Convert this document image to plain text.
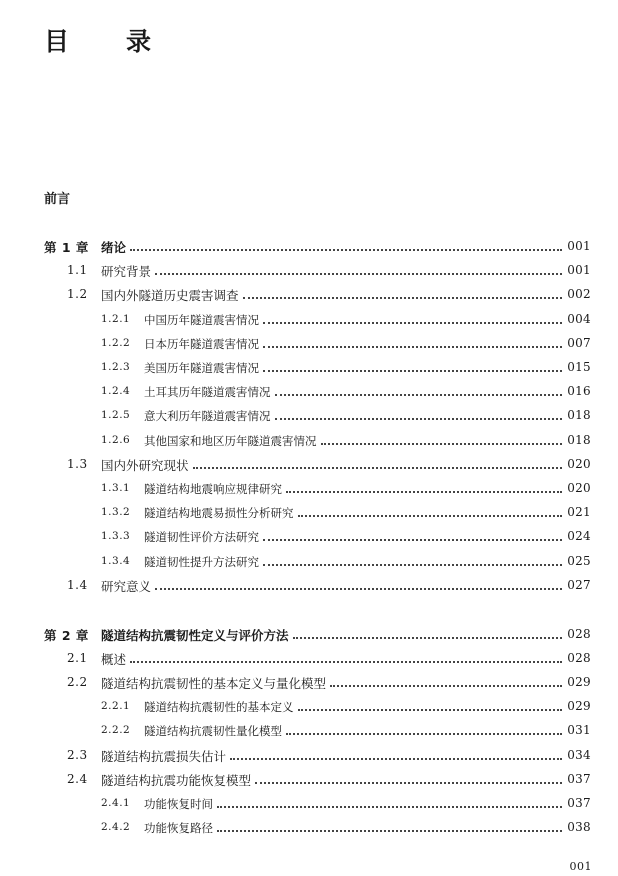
目　录
前言
第 1 章 绪论	001
1.1 研究背景	001
1.2 国内外隧道历史震害调查	002
1.2.1 中国历年隧道震害情况	004
1.2.2 日本历年隧道震害情况	007
1.2.3 美国历年隧道震害情况	015
1.2.4 土耳其历年隧道震害情况	016
1.2.5 意大利历年隧道震害情况	018
1.2.6 其他国家和地区历年隧道震害情况	018
1.3 国内外研究现状	020
1.3.1 隧道结构地震响应规律研究	020
1.3.2 隧道结构地震易损性分析研究	021
1.3.3 隧道韧性评价方法研究	024
1.3.4 隧道韧性提升方法研究	025
1.4 研究意义	027
第 2 章 隧道结构抗震韧性定义与评价方法	028
2.1 概述	028
2.2 隧道结构抗震韧性的基本定义与量化模型	029
2.2.1 隧道结构抗震韧性的基本定义	029
2.2.2 隧道结构抗震韧性量化模型	031
2.3 隧道结构抗震损失估计	034
2.4 隧道结构抗震功能恢复模型	037
2.4.1 功能恢复时间	037
2.4.2 功能恢复路径	038
001
